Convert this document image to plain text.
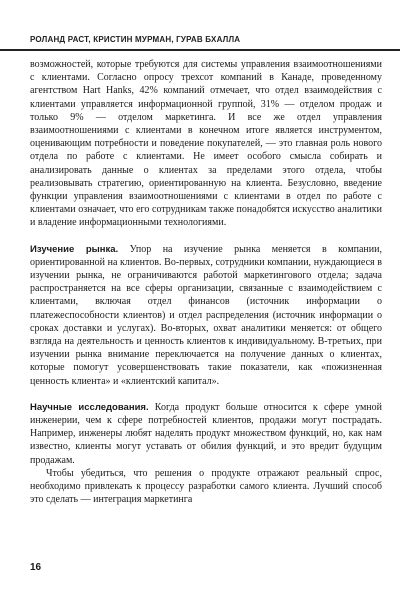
РОЛАНД РАСТ, КРИСТИН МУРМАН, ГУРАВ БХАЛЛА

возможностей, которые требуются для системы управления взаимоотношениями с клиентами. Согласно опросу трехсот компаний в Канаде, проведенному агентством Hart Hanks, 42% компаний отмечает, что отдел взаимодействия с клиентами управляется информационной группой, 31% — отделом продаж и только 9% — отделом маркетинга. И все же отдел управления взаимоотношениями с клиентами в конечном итоге является инструментом, оценивающим потребности и поведение покупателей, — это главная роль нового отдела по работе с клиентами. Не имеет особого смысла собирать и анализировать данные о клиентах за пределами этого отдела, чтобы реализовывать стратегию, ориентированную на клиента. Безусловно, введение функции управления взаимоотношениями с клиентами в отдел по работе с клиентами означает, что его сотрудникам также понадобятся искусство аналитики и владение информационными технологиями.

Изучение рынка. Упор на изучение рынка меняется в компании, ориентированной на клиентов. Во-первых, сотрудники компании, нуждающиеся в изучении рынка, не ограничиваются работой маркетингового отдела; задача распространяется на все сферы организации, связанные с взаимодействием с клиентами, включая отдел финансов (источник информации о платежеспособности клиентов) и отдел распределения (источник информации о сроках доставки и услугах). Во-вторых, охват аналитики меняется: от общего взгляда на деятельность и ценность клиентов к индивидуальному. В-третьих, при изучении рынка внимание переключается на получение данных о клиентах, которые помогут усовершенствовать такие показатели, как «пожизненная ценность клиента» и «клиентский капитал».

Научные исследования. Когда продукт больше относится к сфере умной инженерии, чем к сфере потребностей клиентов, продажи могут пострадать. Например, инженеры любят наделять продукт множеством функций, но, как нам известно, клиенты могут уставать от обилия функций, и это вредит будущим продажам.

Чтобы убедиться, что решения о продукте отражают реальный спрос, необходимо привлекать к процессу разработки самого клиента. Лучший способ это сделать — интеграция маркетинга

16
